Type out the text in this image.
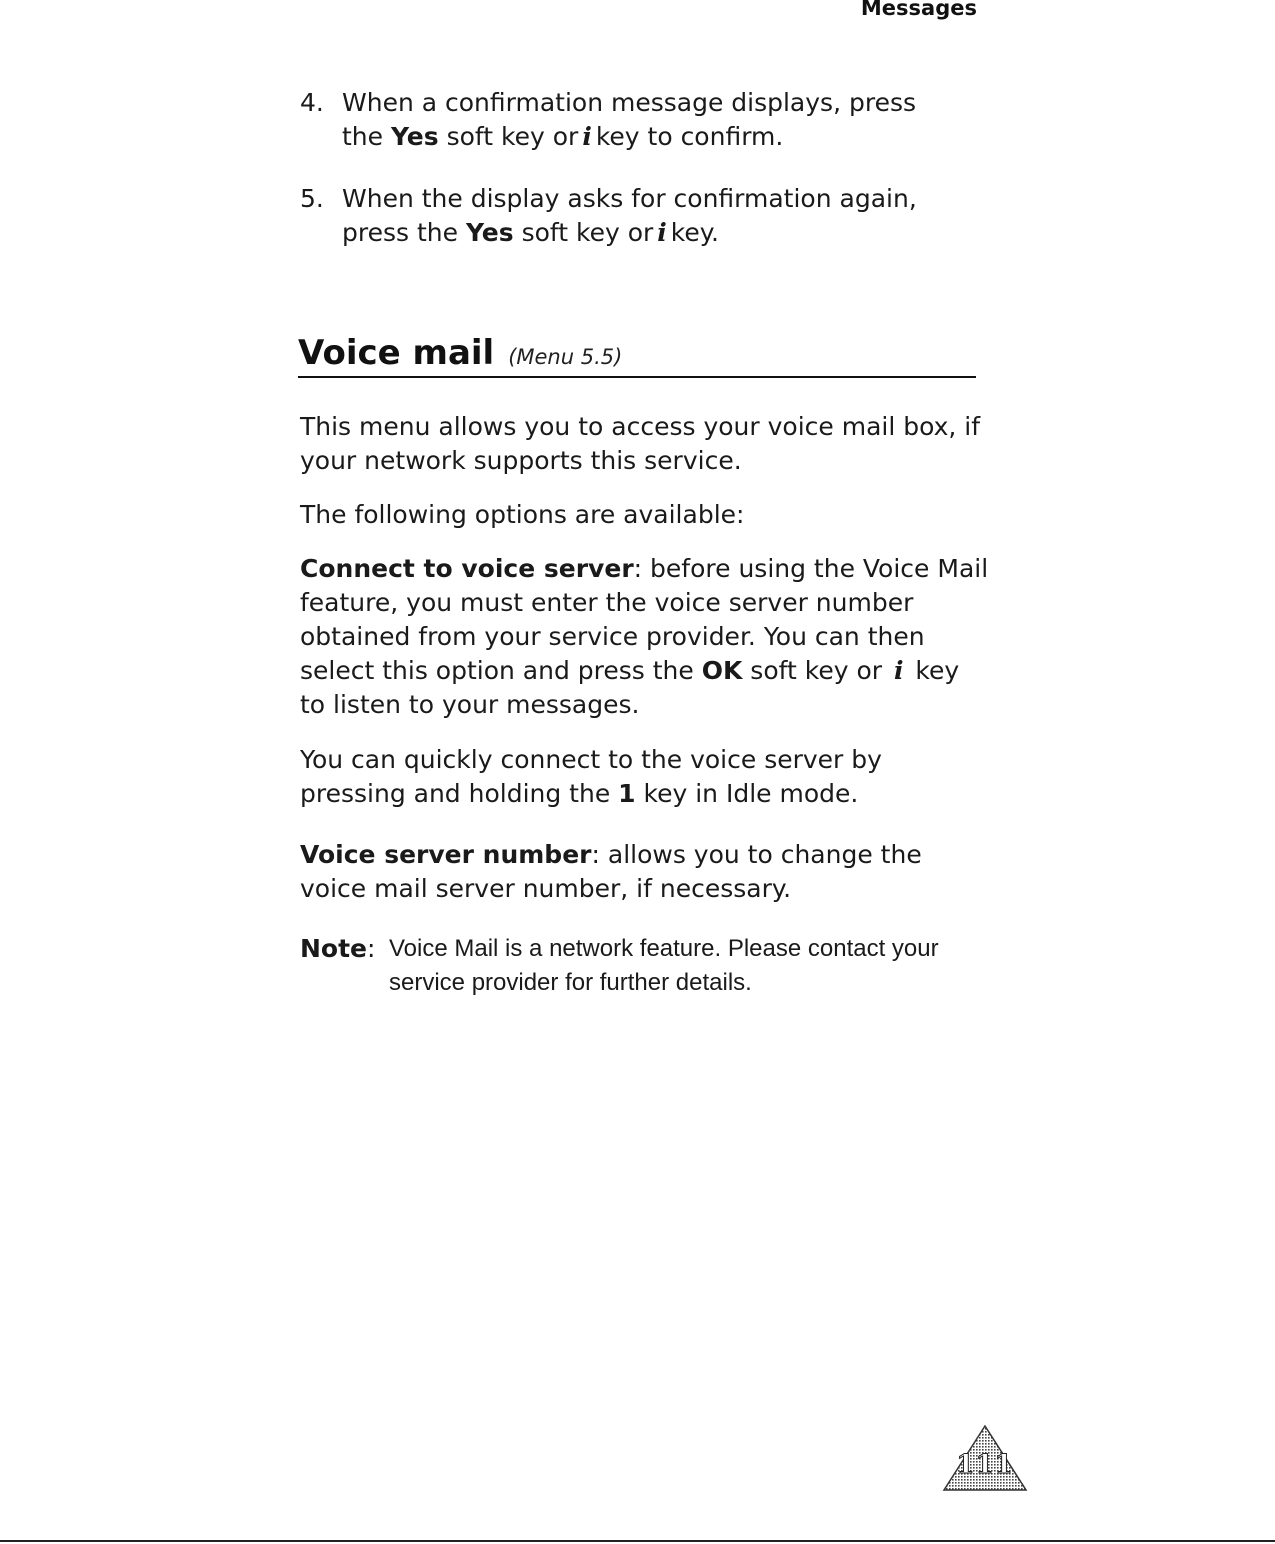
Messages
4. When a confirmation message displays, press
the Yes soft key or i key to confirm.
5. When the display asks for confirmation again,
press the Yes soft key or i key.
Voice mail (Menu 5.5)
This menu allows you to access your voice mail box, if your network supports this service.
The following options are available:
Connect to voice server: before using the Voice Mail feature, you must enter the voice server number obtained from your service provider. You can then select this option and press the OK soft key or i key to listen to your messages.
You can quickly connect to the voice server by pressing and holding the 1 key in Idle mode.
Voice server number: allows you to change the voice mail server number, if necessary.
Note: Voice Mail is a network feature. Please contact your service provider for further details.
111
